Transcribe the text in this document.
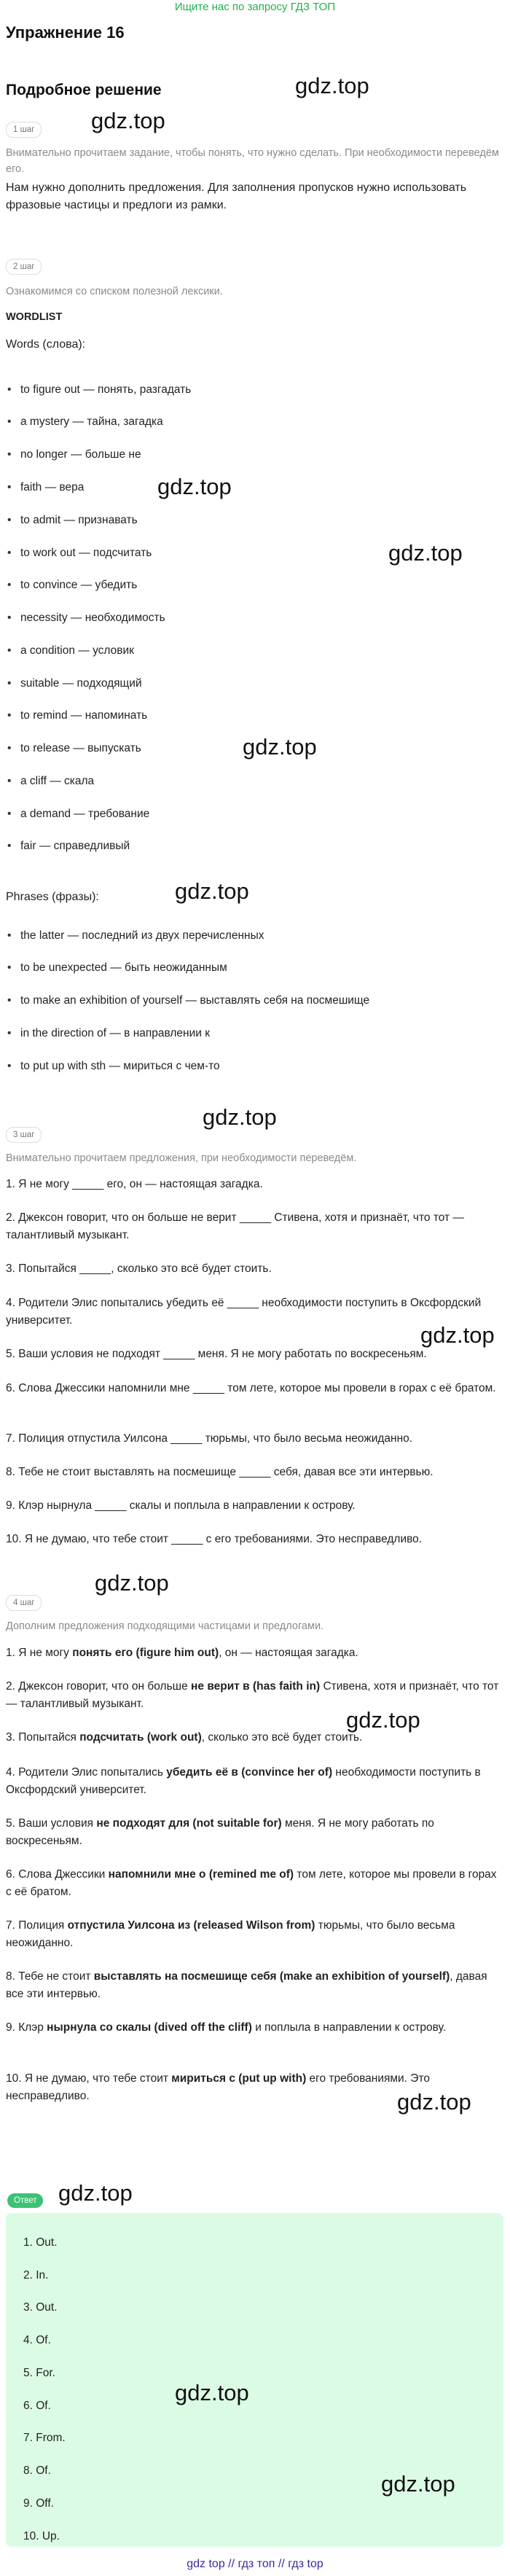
Ищите нас по запросу ГДЗ ТОП
Упражнение 16
gdz.top
Подробное решение
gdz.top
1 шаг
Внимательно прочитаем задание, чтобы понять, что нужно сделать. При необходимости переведём его.
Нам нужно дополнить предложения. Для заполнения пропусков нужно использовать фразовые частицы и предлоги из рамки.
2 шаг
Ознакомимся со списком полезной лексики.
WORDLIST
Words (слова):
• to figure out — понять, разгадать
• a mystery — тайна, загадка
• no longer — больше не
• faith — вера
• to admit — признавать
• to work out — подсчитать
• to convince — убедить
• necessity — необходимость
• a condition — условик
• suitable — подходящий
• to remind — напоминать
• to release — выпускать
• a cliff — скала
• a demand — требование
• fair — справедливый
gdz.top
gdz.top
gdz.top
gdz.top
Phrases (фразы):
• the latter — последний из двух перечисленных
• to be unexpected — быть неожиданным
• to make an exhibition of yourself — выставлять себя на посмешище
• in the direction of — в направлении к
• to put up with sth — мириться с чем-то
gdz.top
3 шаг
Внимательно прочитаем предложения, при необходимости переведём.
1. Я не могу _____ его, он — настоящая загадка.
2. Джексон говорит, что он больше не верит _____ Стивена, хотя и признаёт, что тот — талантливый музыкант.
3. Попытайся _____, сколько это всё будет стоить.
4. Родители Элис попытались убедить её _____ необходимости поступить в Оксфордский университет.
gdz.top
5. Ваши условия не подходят _____ меня. Я не могу работать по воскресеньям.
6. Слова Джессики напомнили мне _____ том лете, которое мы провели в горах с её братом.
7. Полиция отпустила Уилсона _____ тюрьмы, что было весьма неожиданно.
8. Тебе не стоит выставлять на посмешище _____ себя, давая все эти интервью.
9. Клэр нырнула _____ скалы и поплыла в направлении к острову.
10. Я не думаю, что тебе стоит _____ с его требованиями. Это несправедливо.
gdz.top
4 шаг
Дополним предложения подходящими частицами и предлогами.
1. Я не могу понять его (figure him out), он — настоящая загадка.
2. Джексон говорит, что он больше не верит в (has faith in) Стивена, хотя и признаёт, что тот — талантливый музыкант.
gdz.top
3. Попытайся подсчитать (work out), сколько это всё будет стоить.
4. Родители Элис попытались убедить её в (convince her of) необходимости поступить в Оксфордский университет.
5. Ваши условия не подходят для (not suitable for) меня. Я не могу работать по воскресеньям.
6. Слова Джессики напомнили мне о (remined me of) том лете, которое мы провели в горах с её братом.
7. Полиция отпустила Уилсона из (released Wilson from) тюрьмы, что было весьма неожиданно.
8. Тебе не стоит выставлять на посмешище себя (make an exhibition of yourself), давая все эти интервью.
9. Клэр нырнула со скалы (dived off the cliff) и поплыла в направлении к острову.
10. Я не думаю, что тебе стоит мириться с (put up with) его требованиями. Это несправедливо.	gdz.top
Ответ gdz.top
1. Out.
2. In.
3. Out.
4. Of.
5. For.
6. Of.
7. From.
8. Of.
9. Off.
10. Up.
gdz.top
gdz.top
gdz top // гдз топ // гдз top
